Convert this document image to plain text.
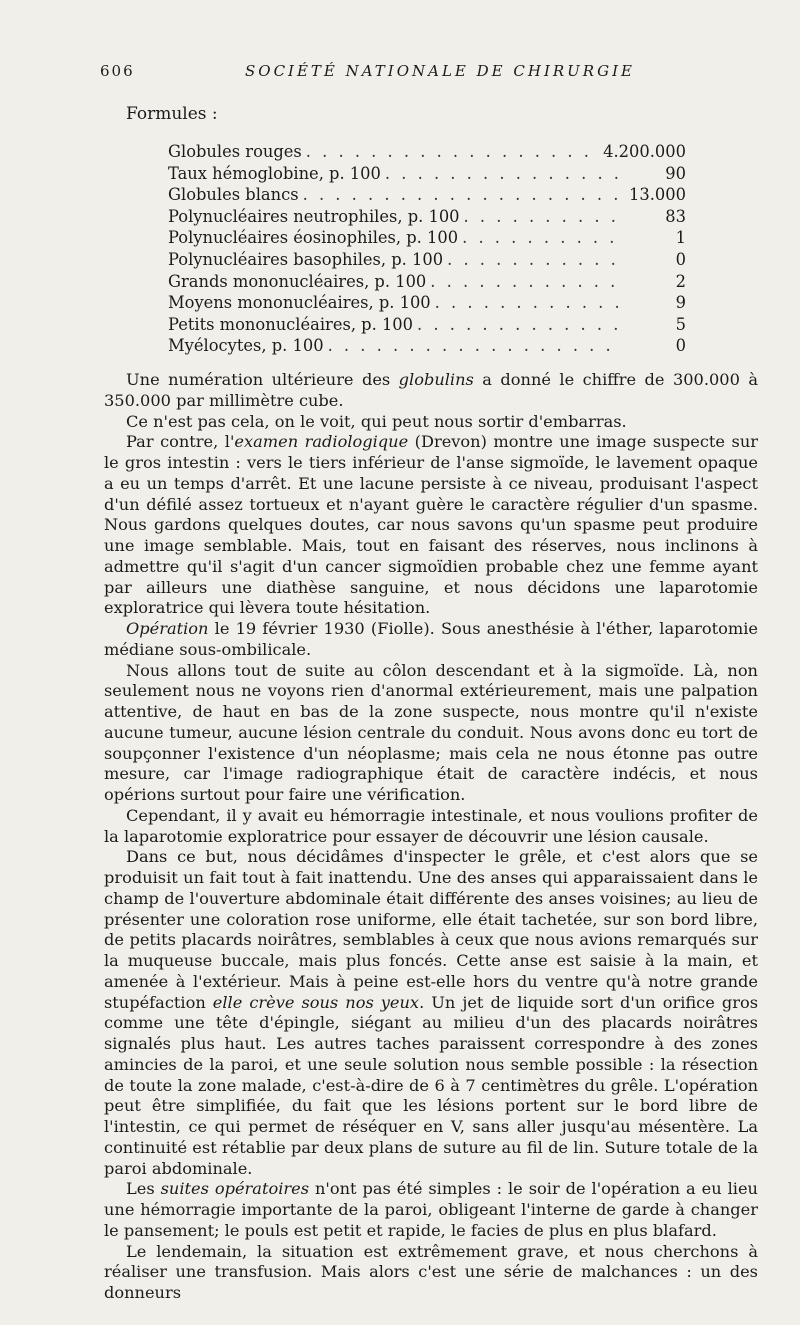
606	SOCIÉTÉ NATIONALE DE CHIRURGIE
Formules :
Globules rouges . . .	4.200.000
Taux hémoglobine, p. 100 . . .	90
Globules blancs . . .	13.000
Polynucléaires neutrophiles, p. 100 . . .	83
Polynucléaires éosinophiles, p. 100 . . .	1
Polynucléaires basophiles, p. 100 . . .	0
Grands mononucléaires, p. 100 . . .	2
Moyens mononucléaires, p. 100 . . .	9
Petits mononucléaires, p. 100 . . .	5
Myélocytes, p. 100 . . .	0

Une numération ultérieure des globulins a donné le chiffre de 300.000 à 350.000 par millimètre cube.

Ce n'est pas cela, on le voit, qui peut nous sortir d'embarras.

Par contre, l'examen radiologique (Drevon) montre une image suspecte sur le gros intestin : vers le tiers inférieur de l'anse sigmoïde, le lavement opaque a eu un temps d'arrêt. Et une lacune persiste à ce niveau, produisant l'aspect d'un défilé assez tortueux et n'ayant guère le caractère régulier d'un spasme. Nous gardons quelques doutes, car nous savons qu'un spasme peut produire une image semblable. Mais, tout en faisant des réserves, nous inclinons à admettre qu'il s'agit d'un cancer sigmoïdien probable chez une femme ayant par ailleurs une diathèse sanguine, et nous décidons une laparotomie exploratrice qui lèvera toute hésitation.

Opération le 19 février 1930 (Fiolle). Sous anesthésie à l'éther, laparotomie médiane sous-ombilicale.

Nous allons tout de suite au côlon descendant et à la sigmoïde. Là, non seulement nous ne voyons rien d'anormal extérieurement, mais une palpation attentive, de haut en bas de la zone suspecte, nous montre qu'il n'existe aucune tumeur, aucune lésion centrale du conduit. Nous avons donc eu tort de soupçonner l'existence d'un néoplasme; mais cela ne nous étonne pas outre mesure, car l'image radiographique était de caractère indécis, et nous opérions surtout pour faire une vérification.

Cependant, il y avait eu hémorragie intestinale, et nous voulions profiter de la laparotomie exploratrice pour essayer de découvrir une lésion causale.

Dans ce but, nous décidâmes d'inspecter le grêle, et c'est alors que se produisit un fait tout à fait inattendu. Une des anses qui apparaissaient dans le champ de l'ouverture abdominale était différente des anses voisines; au lieu de présenter une coloration rose uniforme, elle était tachetée, sur son bord libre, de petits placards noirâtres, semblables à ceux que nous avions remarqués sur la muqueuse buccale, mais plus foncés. Cette anse est saisie à la main, et amenée à l'extérieur. Mais à peine est-elle hors du ventre qu'à notre grande stupéfaction elle crève sous nos yeux. Un jet de liquide sort d'un orifice gros comme une tête d'épingle, siégant au milieu d'un des placards noirâtres signalés plus haut. Les autres taches paraissent correspondre à des zones amincies de la paroi, et une seule solution nous semble possible : la résection de toute la zone malade, c'est-à-dire de 6 à 7 centimètres du grêle. L'opération peut être simplifiée, du fait que les lésions portent sur le bord libre de l'intestin, ce qui permet de réséquer en V, sans aller jusqu'au mésentère. La continuité est rétablie par deux plans de suture au fil de lin. Suture totale de la paroi abdominale.

Les suites opératoires n'ont pas été simples : le soir de l'opération a eu lieu une hémorragie importante de la paroi, obligeant l'interne de garde à changer le pansement; le pouls est petit et rapide, le facies de plus en plus blafard.

Le lendemain, la situation est extrêmement grave, et nous cherchons à réaliser une transfusion. Mais alors c'est une série de malchances : un des donneurs
